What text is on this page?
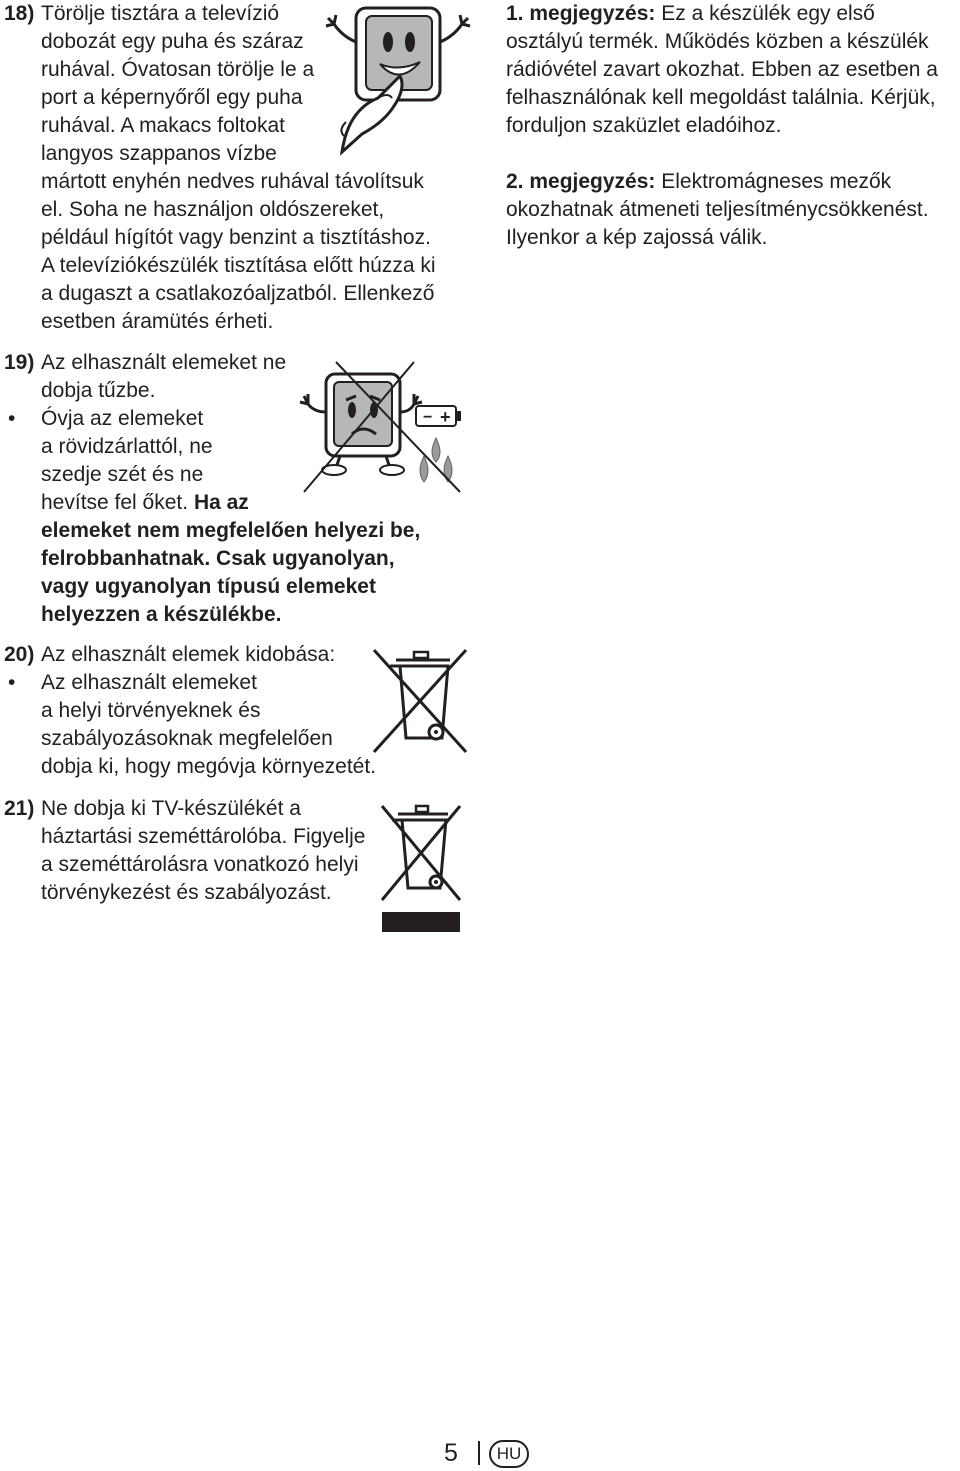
18) Törölje tisztára a televízió
dobozát egy puha és száraz
ruhával. Óvatosan törölje le a
port a képernyőről egy puha
ruhával. A makacs foltokat
langyos szappanos vízbe
mártott enyhén nedves ruhával távolítsuk
el. Soha ne használjon oldószereket,
például hígítót vagy benzint a tisztításhoz.
A televíziókészülék tisztítása előtt húzza ki
a dugaszt a csatlakozóaljzatból. Ellenkező
esetben áramütés érheti.
19) Az elhasznált elemeket ne
dobja tűzbe.
• Óvja az elemeket
a rövidzárlattól, ne
szedje szét és ne
hevítse fel őket. Ha az
elemeket nem megfelelően helyezi be,
felrobbanhatnak. Csak ugyanolyan,
vagy ugyanolyan típusú elemeket
helyezzen a készülékbe.
− +
20) Az elhasznált elemek kidobása:
• Az elhasznált elemeket
a helyi törvényeknek és
szabályozásoknak megfelelően
dobja ki, hogy megóvja környezetét.
21) Ne dobja ki TV-készülékét a
háztartási szeméttárolóba. Figyelje
a szeméttárolásra vonatkozó helyi
törvénykezést és szabályozást.
1. megjegyzés: Ez a készülék egy első
osztályú termék. Működés közben a készülék
rádióvétel zavart okozhat. Ebben az esetben a
felhasználónak kell megoldást találnia. Kérjük,
forduljon szaküzlet eladóihoz.
2. megjegyzés: Elektromágneses mezők
okozhatnak átmeneti teljesítménycsökkenést.
Ilyenkor a kép zajossá válik.
5	HU
